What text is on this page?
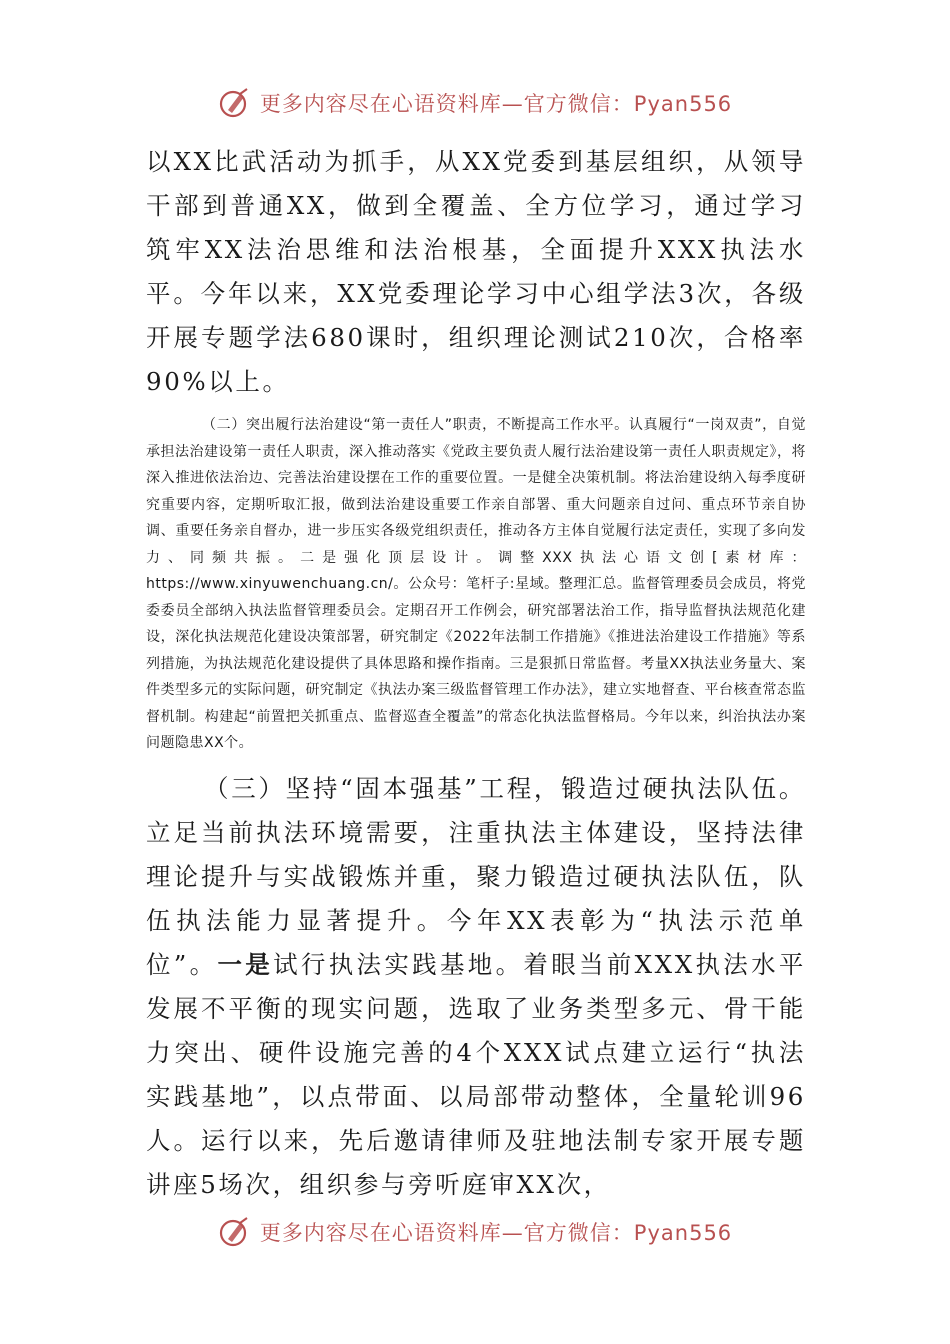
更多内容尽在心语资料库—官方微信：Pyan556

以XX比武活动为抓手，从XX党委到基层组织，从领导干部到普通XX，做到全覆盖、全方位学习，通过学习筑牢XX法治思维和法治根基，全面提升XXX执法水平。今年以来，XX党委理论学习中心组学法3次，各级开展专题学法680课时，组织理论测试210次，合格率90%以上。

（二）突出履行法治建设“第一责任人”职责，不断提高工作水平。认真履行“一岗双责”，自觉承担法治建设第一责任人职责，深入推动落实《党政主要负责人履行法治建设第一责任人职责规定》，将深入推进依法治边、完善法治建设摆在工作的重要位置。一是健全决策机制。将法治建设纳入每季度研究重要内容，定期听取汇报，做到法治建设重要工作亲自部署、重大问题亲自过问、重点环节亲自协调、重要任务亲自督办，进一步压实各级党组织责任，推动各方主体自觉履行法定责任，实现了多向发力、同频共振。二是强化顶层设计。调整XXX执法心语文创[素材库：https://www.xinyuwenchuang.cn/。公众号：笔杆子:星域。整理汇总。监督管理委员会成员，将党委委员全部纳入执法监督管理委员会。定期召开工作例会，研究部署法治工作，指导监督执法规范化建设，深化执法规范化建设决策部署，研究制定《2022年法制工作措施》《推进法治建设工作措施》等系列措施，为执法规范化建设提供了具体思路和操作指南。三是狠抓日常监督。考量XX执法业务量大、案件类型多元的实际问题，研究制定《执法办案三级监督管理工作办法》，建立实地督查、平台核查常态监督机制。构建起“前置把关抓重点、监督巡查全覆盖”的常态化执法监督格局。今年以来，纠治执法办案问题隐患XX个。

（三）坚持“固本强基”工程，锻造过硬执法队伍。立足当前执法环境需要，注重执法主体建设，坚持法律理论提升与实战锻炼并重，聚力锻造过硬执法队伍，队伍执法能力显著提升。今年XX表彰为“执法示范单位”。一是试行执法实践基地。着眼当前XXX执法水平发展不平衡的现实问题，选取了业务类型多元、骨干能力突出、硬件设施完善的4个XXX试点建立运行“执法实践基地”，以点带面、以局部带动整体，全量轮训96人。运行以来，先后邀请律师及驻地法制专家开展专题讲座5场次，组织参与旁听庭审XX次，

更多内容尽在心语资料库—官方微信：Pyan556
